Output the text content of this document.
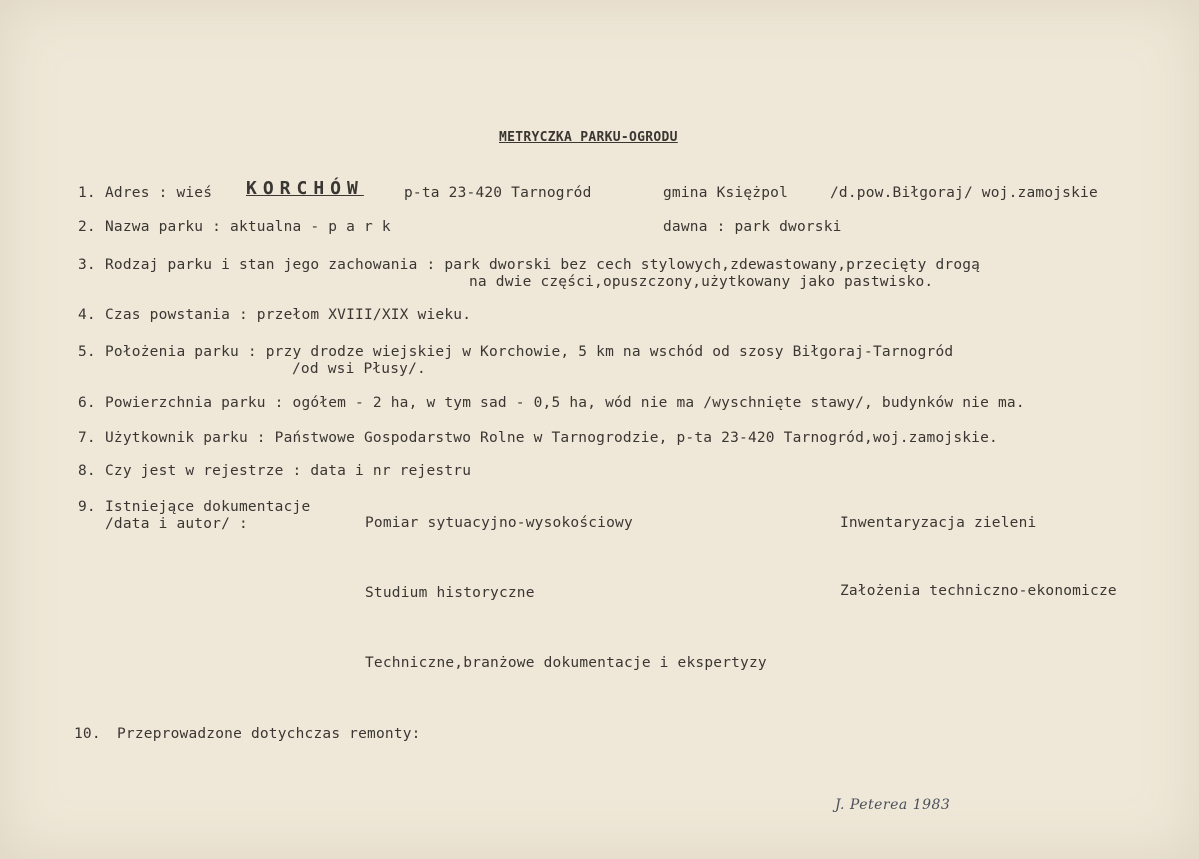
METRYCZKA PARKU-OGRODU
1. Adres : wieś KORCHÓW	p-ta 23-420 Tarnogród	gmina Księżpol	/d.pow.Biłgoraj/ woj.zamojskie
2. Nazwa parku : aktualna - p a r k	dawna : park dworski
3. Rodzaj parku i stan jego zachowania : park dworski bez cech stylowych,zdewastowany,przecięty drogą
na dwie części,opuszczony,użytkowany jako pastwisko.
4. Czas powstania : przełom XVIII/XIX wieku.
5. Położenia parku : przy drodze wiejskiej w Korchowie, 5 km na wschód od szosy Biłgoraj-Tarnogród
/od wsi Płusy/.
6. Powierzchnia parku : ogółem - 2 ha, w tym sad - 0,5 ha, wód nie ma /wyschnięte stawy/, budynków nie ma.
7. Użytkownik parku : Państwowe Gospodarstwo Rolne w Tarnogrodzie, p-ta 23-420 Tarnogród,woj.zamojskie.
8. Czy jest w rejestrze : data i nr rejestru
9. Istniejące dokumentacje
/data i autor/ :	Pomiar sytuacyjno-wysokościowy	Inwentaryzacja zieleni
Studium historyczne	Założenia techniczno-ekonomicze
Techniczne,branżowe dokumentacje i ekspertyzy
10. Przeprowadzone dotychczas remonty:
J. Peterea 1983
